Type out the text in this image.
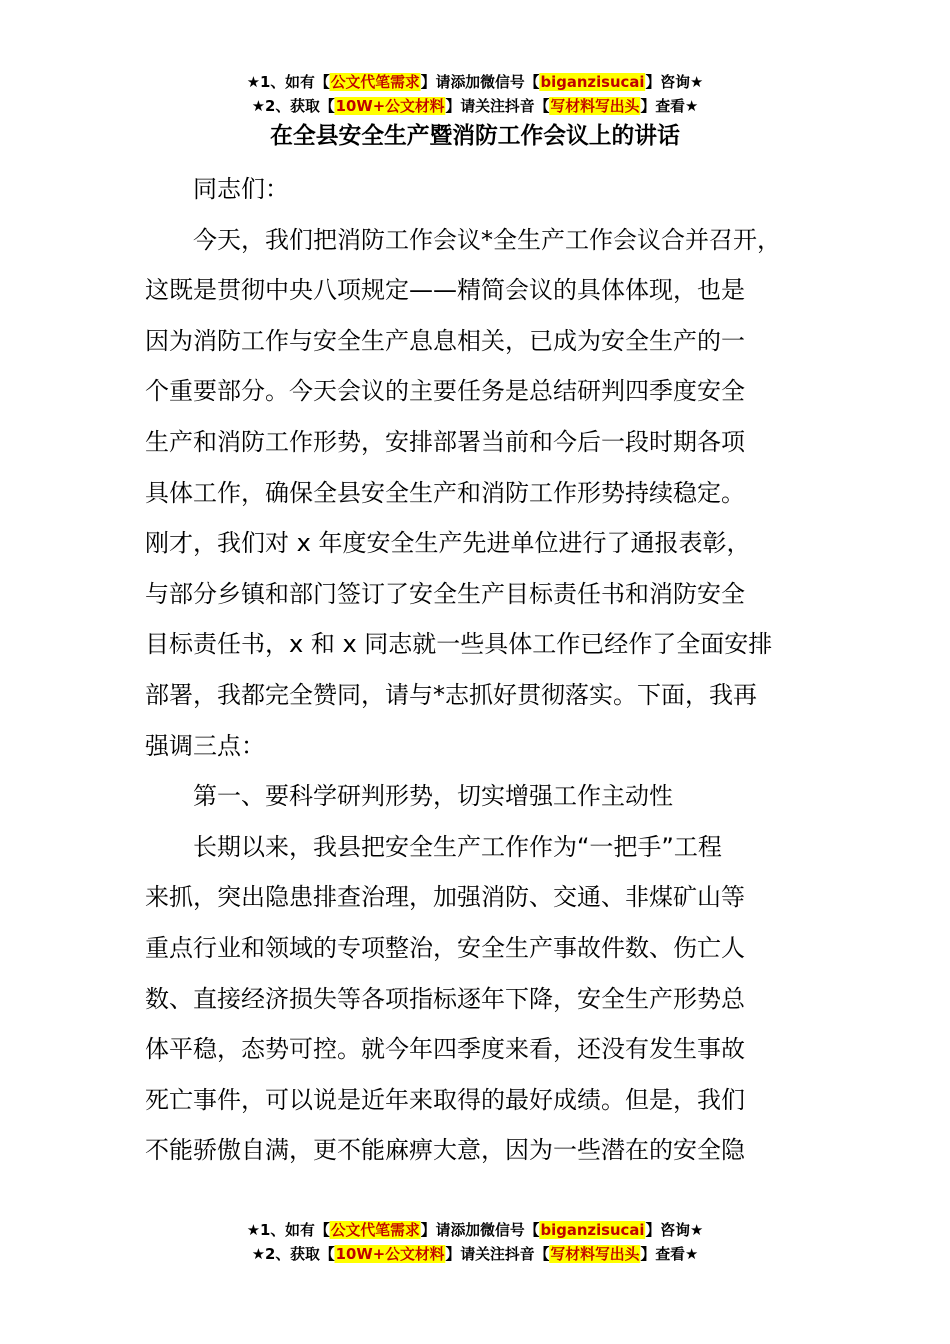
★1、如有【公文代笔需求】请添加微信号【biganzisucai】咨询★
★2、获取【10W+公文材料】请关注抖音【写材料写出头】查看★
在全县安全生产暨消防工作会议上的讲话
同志们：
今天，我们把消防工作会议*全生产工作会议合并召开，
这既是贯彻中央八项规定——精简会议的具体体现，也是
因为消防工作与安全生产息息相关，已成为安全生产的一
个重要部分。今天会议的主要任务是总结研判四季度安全
生产和消防工作形势，安排部署当前和今后一段时期各项
具体工作，确保全县安全生产和消防工作形势持续稳定。
刚才，我们对 x 年度安全生产先进单位进行了通报表彰，
与部分乡镇和部门签订了安全生产目标责任书和消防安全
目标责任书，x 和 x 同志就一些具体工作已经作了全面安排
部署，我都完全赞同，请与*志抓好贯彻落实。下面，我再
强调三点：
第一、要科学研判形势，切实增强工作主动性
长期以来，我县把安全生产工作作为“一把手”工程
来抓，突出隐患排查治理，加强消防、交通、非煤矿山等
重点行业和领域的专项整治，安全生产事故件数、伤亡人
数、直接经济损失等各项指标逐年下降，安全生产形势总
体平稳，态势可控。就今年四季度来看，还没有发生事故
死亡事件，可以说是近年来取得的最好成绩。但是，我们
不能骄傲自满，更不能麻痹大意，因为一些潜在的安全隐
★1、如有【公文代笔需求】请添加微信号【biganzisucai】咨询★
★2、获取【10W+公文材料】请关注抖音【写材料写出头】查看★
